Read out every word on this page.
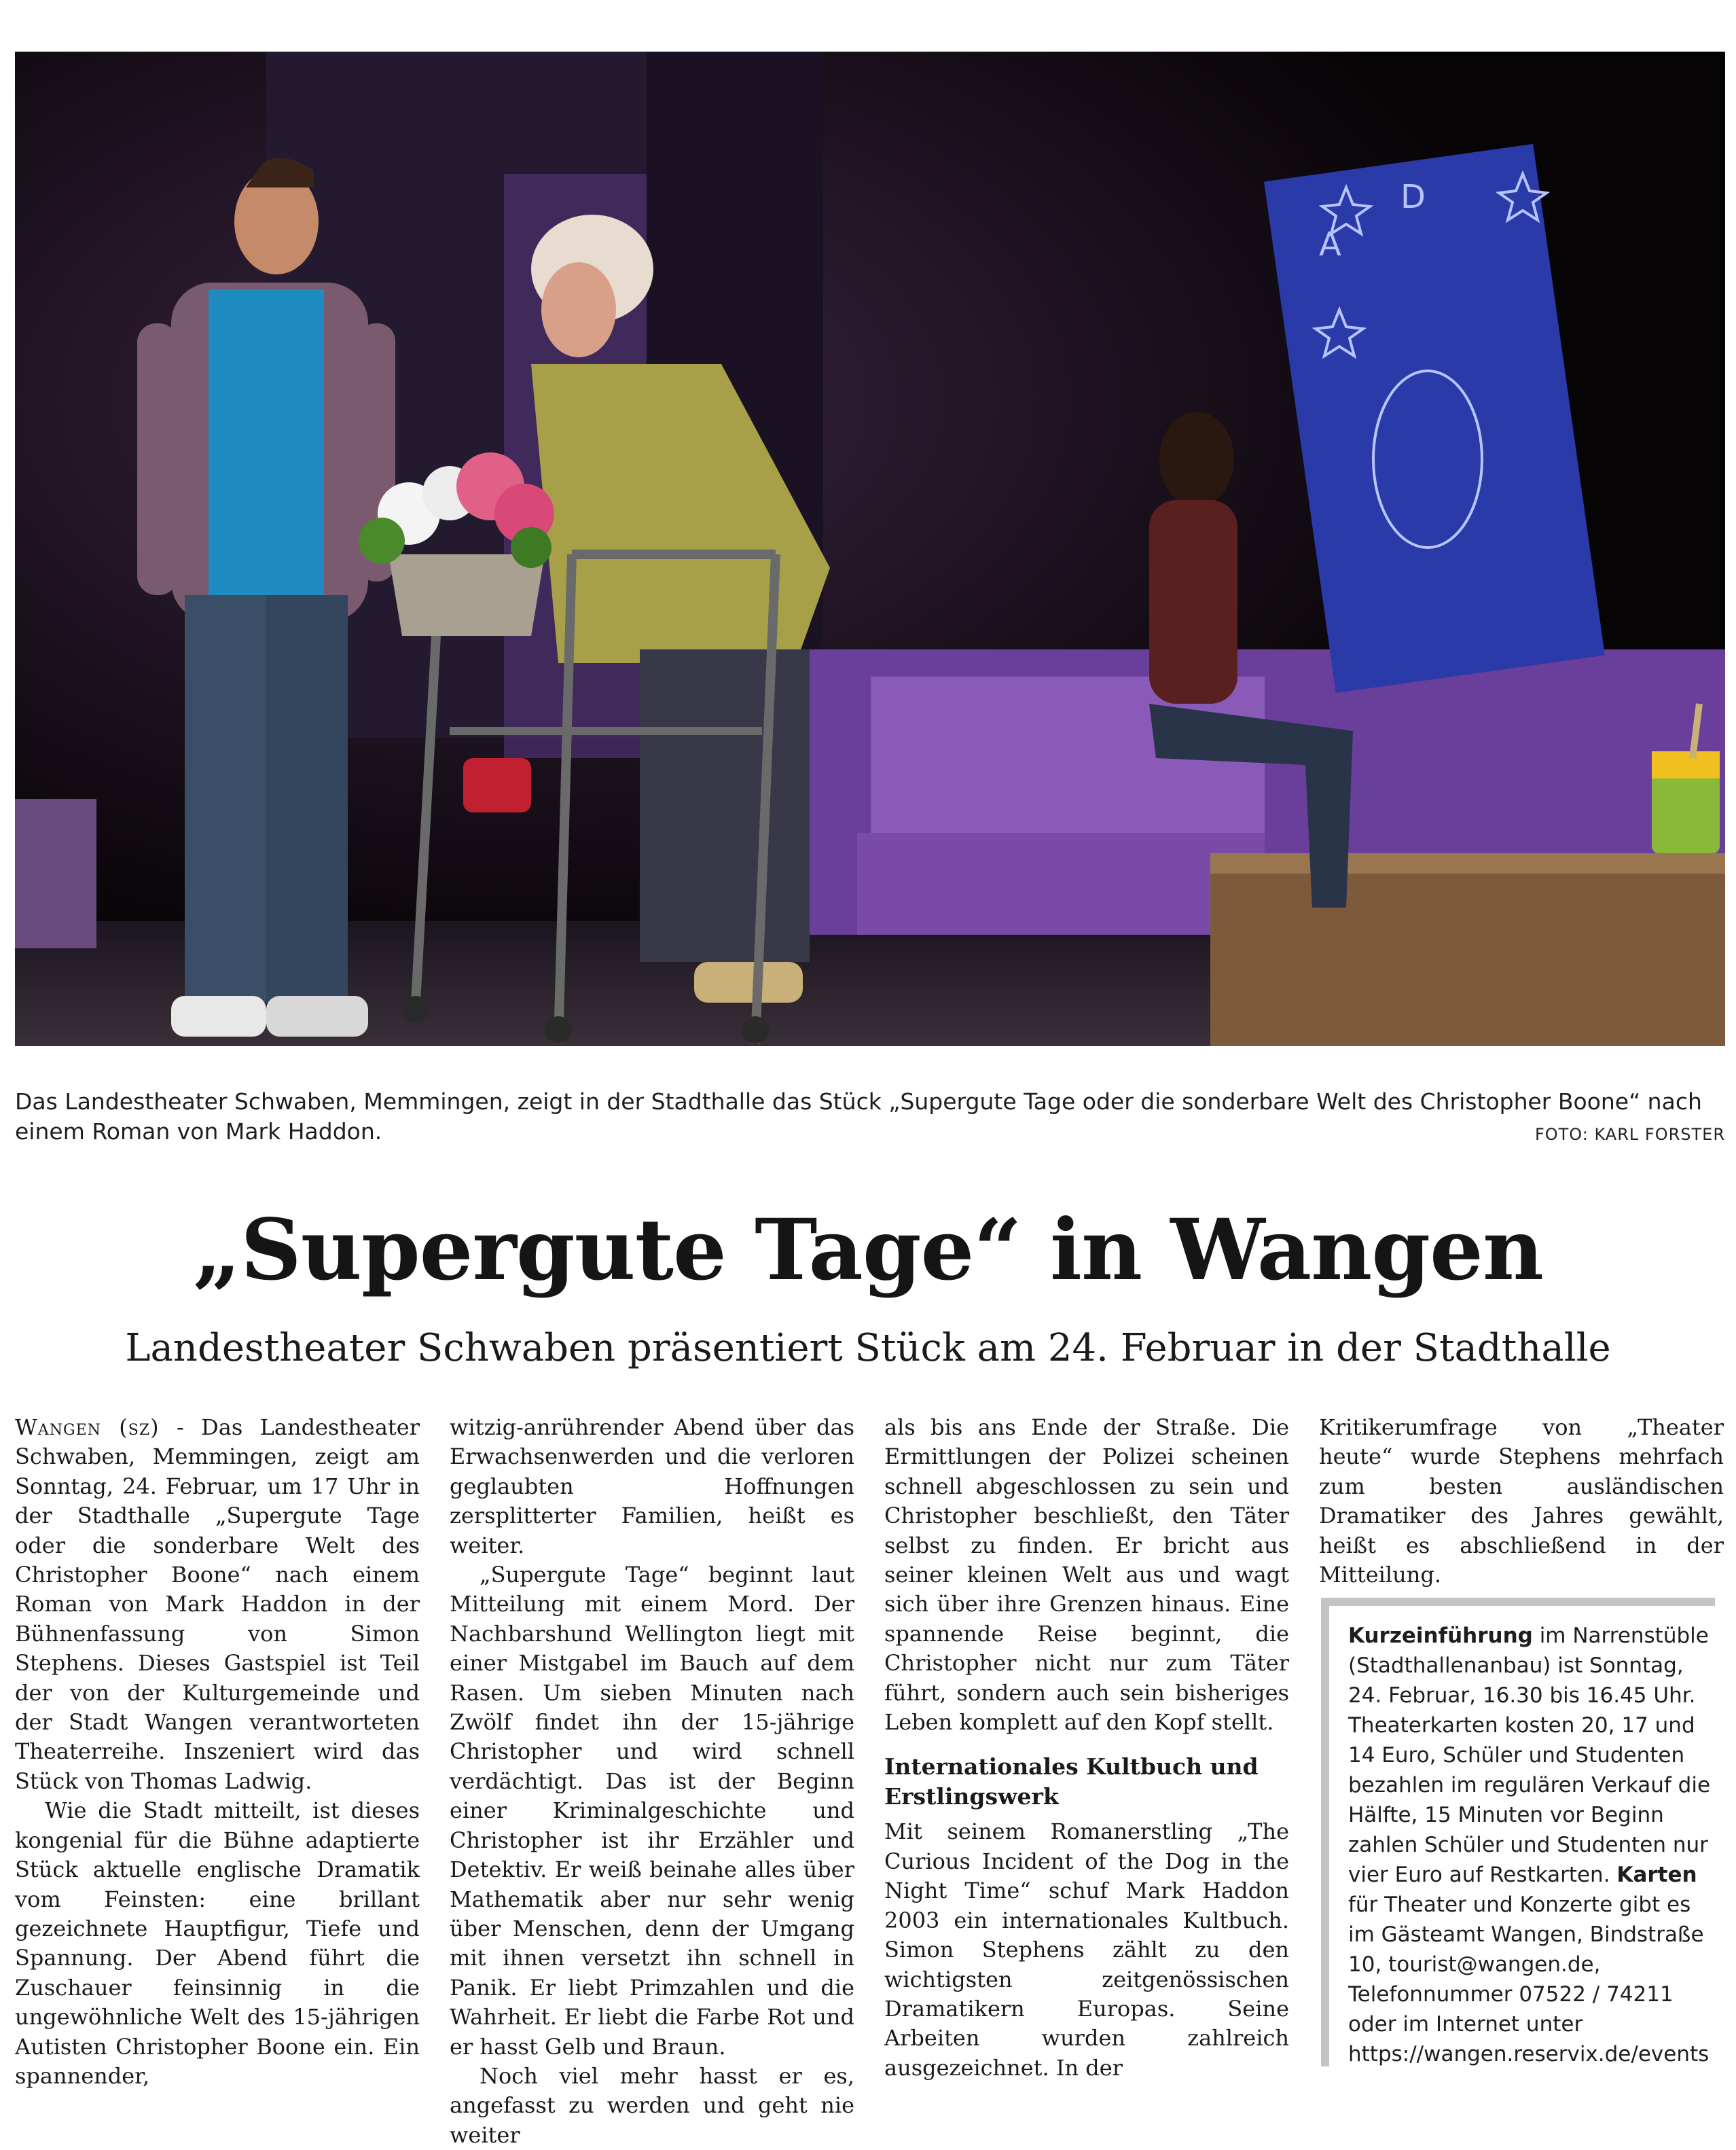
A
D
Das Landestheater Schwaben, Memmingen, zeigt in der Stadthalle das Stück „Supergute Tage oder die sonderbare Welt des Christopher Boone“ nach einem Roman von Mark Haddon.	FOTO: KARL FORSTER
„Supergute Tage“ in Wangen
Landestheater Schwaben präsentiert Stück am 24. Februar in der Stadthalle

Wangen (sz) - Das Landestheater Schwaben, Memmingen, zeigt am Sonntag, 24. Februar, um 17 Uhr in der Stadthalle „Supergute Tage oder die sonderbare Welt des Christopher Boone“ nach einem Roman von Mark Haddon in der Bühnenfassung von Simon Stephens. Dieses Gastspiel ist Teil der von der Kulturgemeinde und der Stadt Wangen verantworteten Theaterreihe. Inszeniert wird das Stück von Thomas Ladwig.

Wie die Stadt mitteilt, ist dieses kongenial für die Bühne adaptierte Stück aktuelle englische Dramatik vom Feinsten: eine brillant gezeichnete Hauptfigur, Tiefe und Spannung. Der Abend führt die Zuschauer feinsinnig in die ungewöhnliche Welt des 15-jährigen Autisten Christopher Boone ein. Ein spannender,

witzig-anrührender Abend über das Erwachsenwerden und die verloren geglaubten Hoffnungen zersplitterter Familien, heißt es weiter.

„Supergute Tage“ beginnt laut Mitteilung mit einem Mord. Der Nachbarshund Wellington liegt mit einer Mistgabel im Bauch auf dem Rasen. Um sieben Minuten nach Zwölf findet ihn der 15-jährige Christopher und wird schnell verdächtigt. Das ist der Beginn einer Kriminalgeschichte und Christopher ist ihr Erzähler und Detektiv. Er weiß beinahe alles über Mathematik aber nur sehr wenig über Menschen, denn der Umgang mit ihnen versetzt ihn schnell in Panik. Er liebt Primzahlen und die Wahrheit. Er liebt die Farbe Rot und er hasst Gelb und Braun.

Noch viel mehr hasst er es, angefasst zu werden und geht nie weiter

als bis ans Ende der Straße. Die Ermittlungen der Polizei scheinen schnell abgeschlossen zu sein und Christopher beschließt, den Täter selbst zu finden. Er bricht aus seiner kleinen Welt aus und wagt sich über ihre Grenzen hinaus. Eine spannende Reise beginnt, die Christopher nicht nur zum Täter führt, sondern auch sein bisheriges Leben komplett auf den Kopf stellt.

Internationales Kultbuch und Erstlingswerk

Mit seinem Romanerstling „The Curious Incident of the Dog in the Night Time“ schuf Mark Haddon 2003 ein internationales Kultbuch. Simon Stephens zählt zu den wichtigsten zeitgenössischen Dramatikern Europas. Seine Arbeiten wurden zahlreich ausgezeichnet. In der

Kritikerumfrage von „Theater heute“ wurde Stephens mehrfach zum besten ausländischen Dramatiker des Jahres gewählt, heißt es abschließend in der Mitteilung.

Kurzeinführung im Narrenstüble (Stadthallenanbau) ist Sonntag, 24. Februar, 16.30 bis 16.45 Uhr. Theaterkarten kosten 20, 17 und 14 Euro, Schüler und Studenten bezahlen im regulären Verkauf die Hälfte, 15 Minuten vor Beginn zahlen Schüler und Studenten nur vier Euro auf Restkarten. Karten für Theater und Konzerte gibt es im Gästeamt Wangen, Bindstraße 10, tourist@wangen.de, Telefonnummer 07522 / 74211 oder im Internet unter https://wangen.reservix.de/events
